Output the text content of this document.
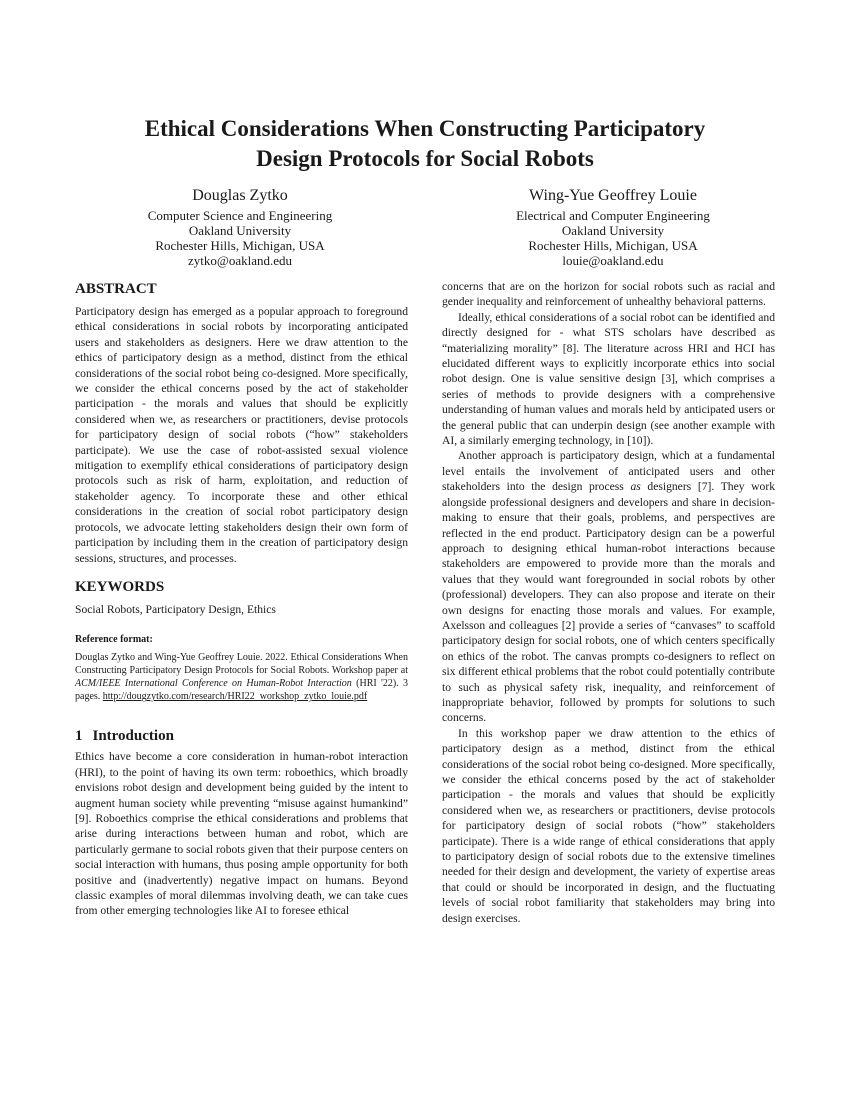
Ethical Considerations When Constructing Participatory
Design Protocols for Social Robots
Douglas Zytko
Computer Science and Engineering
Oakland University
Rochester Hills, Michigan, USA
zytko@oakland.edu
Wing-Yue Geoffrey Louie
Electrical and Computer Engineering
Oakland University
Rochester Hills, Michigan, USA
louie@oakland.edu
ABSTRACT

Participatory design has emerged as a popular approach to foreground ethical considerations in social robots by incorporating anticipated users and stakeholders as designers. Here we draw attention to the ethics of participatory design as a method, distinct from the ethical considerations of the social robot being co-designed. More specifically, we consider the ethical concerns posed by the act of stakeholder participation - the morals and values that should be explicitly considered when we, as researchers or practitioners, devise protocols for participatory design of social robots (“how” stakeholders participate). We use the case of robot-assisted sexual violence mitigation to exemplify ethical considerations of participatory design protocols such as risk of harm, exploitation, and reduction of stakeholder agency. To incorporate these and other ethical considerations in the creation of social robot participatory design protocols, we advocate letting stakeholders design their own form of participation by including them in the creation of participatory design sessions, structures, and processes.

KEYWORDS

Social Robots, Participatory Design, Ethics

Reference format:

Douglas Zytko and Wing-Yue Geoffrey Louie. 2022. Ethical Considerations When Constructing Participatory Design Protocols for Social Robots. Workshop paper at ACM/IEEE International Conference on Human-Robot Interaction (HRI '22). 3 pages. http://dougzytko.com/research/HRI22_workshop_zytko_louie.pdf

1 Introduction

Ethics have become a core consideration in human-robot interaction (HRI), to the point of having its own term: roboethics, which broadly envisions robot design and development being guided by the intent to augment human society while preventing “misuse against humankind” [9]. Roboethics comprise the ethical considerations and problems that arise during interactions between human and robot, which are particularly germane to social robots given that their purpose centers on social interaction with humans, thus posing ample opportunity for both positive and (inadvertently) negative impact on humans. Beyond classic examples of moral dilemmas involving death, we can take cues from other emerging technologies like AI to foresee ethical

concerns that are on the horizon for social robots such as racial and gender inequality and reinforcement of unhealthy behavioral patterns.

Ideally, ethical considerations of a social robot can be identified and directly designed for - what STS scholars have described as “materializing morality” [8]. The literature across HRI and HCI has elucidated different ways to explicitly incorporate ethics into social robot design. One is value sensitive design [3], which comprises a series of methods to provide designers with a comprehensive understanding of human values and morals held by anticipated users or the general public that can underpin design (see another example with AI, a similarly emerging technology, in [10]).

Another approach is participatory design, which at a fundamental level entails the involvement of anticipated users and other stakeholders into the design process as designers [7]. They work alongside professional designers and developers and share in decision-making to ensure that their goals, problems, and perspectives are reflected in the end product. Participatory design can be a powerful approach to designing ethical human-robot interactions because stakeholders are empowered to provide more than the morals and values that they would want foregrounded in social robots by other (professional) developers. They can also propose and iterate on their own designs for enacting those morals and values. For example, Axelsson and colleagues [2] provide a series of “canvases” to scaffold participatory design for social robots, one of which centers specifically on ethics of the robot. The canvas prompts co-designers to reflect on six different ethical problems that the robot could potentially contribute to such as physical safety risk, inequality, and reinforcement of inappropriate behavior, followed by prompts for solutions to such concerns.

In this workshop paper we draw attention to the ethics of participatory design as a method, distinct from the ethical considerations of the social robot being co-designed. More specifically, we consider the ethical concerns posed by the act of stakeholder participation - the morals and values that should be explicitly considered when we, as researchers or practitioners, devise protocols for participatory design of social robots (“how” stakeholders participate). There is a wide range of ethical considerations that apply to participatory design of social robots due to the extensive timelines needed for their design and development, the variety of expertise areas that could or should be incorporated in design, and the fluctuating levels of social robot familiarity that stakeholders may bring into design exercises.
